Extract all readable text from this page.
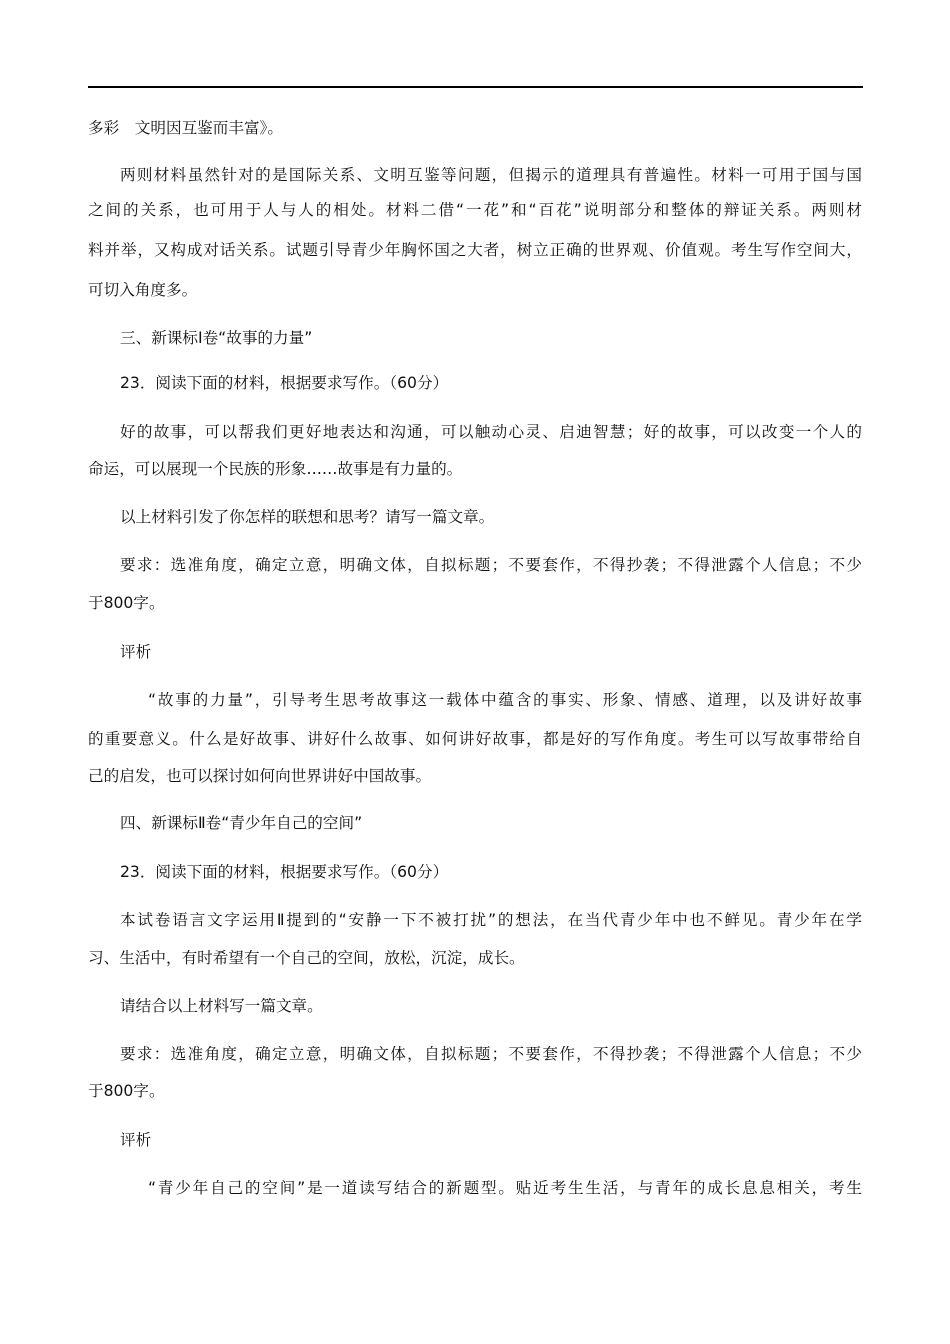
多彩　文明因互鉴而丰富》。
两则材料虽然针对的是国际关系、文明互鉴等问题，但揭示的道理具有普遍性。材料一可用于国与国
之间的关系，也可用于人与人的相处。材料二借“一花”和“百花”说明部分和整体的辩证关系。两则材
料并举，又构成对话关系。试题引导青少年胸怀国之大者，树立正确的世界观、价值观。考生写作空间大，
可切入角度多。
三、新课标Ⅰ卷“故事的力量”
23．阅读下面的材料，根据要求写作。（60分）
好的故事，可以帮我们更好地表达和沟通，可以触动心灵、启迪智慧；好的故事，可以改变一个人的
命运，可以展现一个民族的形象……故事是有力量的。
以上材料引发了你怎样的联想和思考？请写一篇文章。
要求：选准角度，确定立意，明确文体，自拟标题；不要套作，不得抄袭；不得泄露个人信息；不少
于800字。
评析
“故事的力量”，引导考生思考故事这一载体中蕴含的事实、形象、情感、道理，以及讲好故事
的重要意义。什么是好故事、讲好什么故事、如何讲好故事，都是好的写作角度。考生可以写故事带给自
己的启发，也可以探讨如何向世界讲好中国故事。
四、新课标Ⅱ卷“青少年自己的空间”
23．阅读下面的材料，根据要求写作。（60分）
本试卷语言文字运用Ⅱ提到的“安静一下不被打扰”的想法，在当代青少年中也不鲜见。青少年在学
习、生活中，有时希望有一个自己的空间，放松，沉淀，成长。
请结合以上材料写一篇文章。
要求：选准角度，确定立意，明确文体，自拟标题；不要套作，不得抄袭；不得泄露个人信息；不少
于800字。
评析
“青少年自己的空间”是一道读写结合的新题型。贴近考生生活，与青年的成长息息相关，考生
